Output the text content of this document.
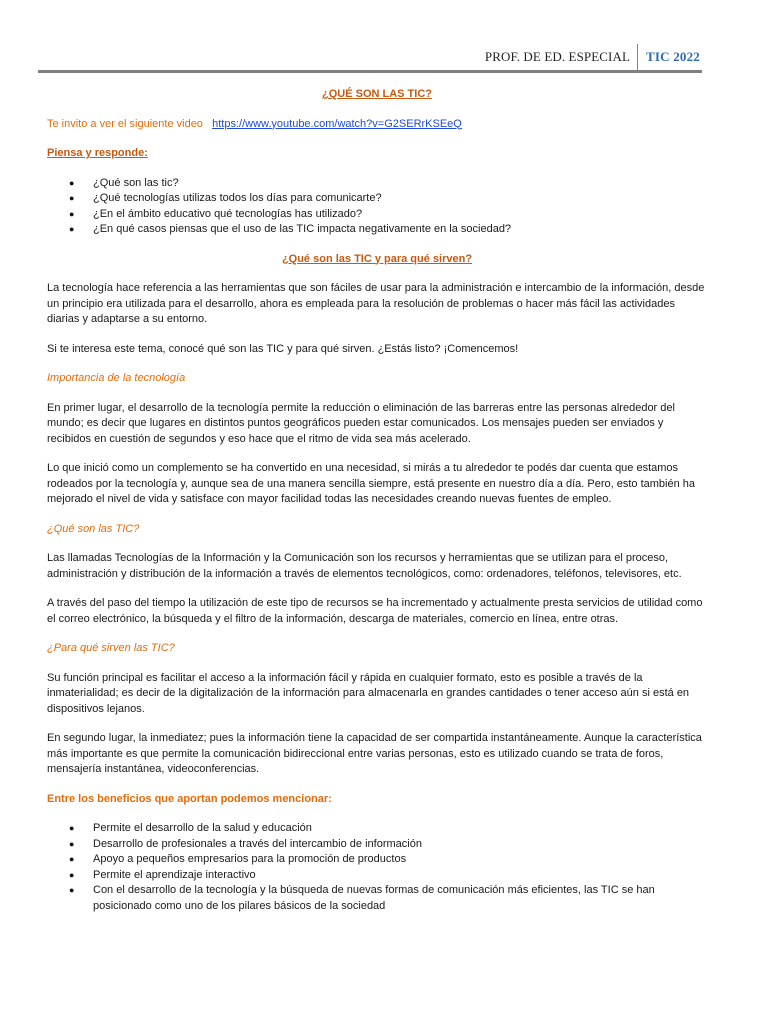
PROF. DE ED. ESPECIAL	TIC 2022
¿QUÉ SON LAS TIC?

Te invito a ver el siguiente video https://www.youtube.com/watch?v=G2SERrKSEeQ

Piensa y responde:

● ¿Qué son las tic?
● ¿Qué tecnologías utilizas todos los días para comunicarte?
● ¿En el ámbito educativo qué tecnologías has utilizado?
● ¿En qué casos piensas que el uso de las TIC impacta negativamente en la sociedad?
¿Qué son las TIC y para qué sirven?

La tecnología hace referencia a las herramientas que son fáciles de usar para la administración e intercambio de la información, desde un principio era utilizada para el desarrollo, ahora es empleada para la resolución de problemas o hacer más fácil las actividades diarias y adaptarse a su entorno.

Si te interesa este tema, conocé qué son las TIC y para qué sirven. ¿Estás listo? ¡Comencemos!

Importancia de la tecnología

En primer lugar, el desarrollo de la tecnología permite la reducción o eliminación de las barreras entre las personas alrededor del mundo; es decir que lugares en distintos puntos geográficos pueden estar comunicados. Los mensajes pueden ser enviados y recibidos en cuestión de segundos y eso hace que el ritmo de vida sea más acelerado.

Lo que inició como un complemento se ha convertido en una necesidad, si mirás a tu alrededor te podés dar cuenta que estamos rodeados por la tecnología y, aunque sea de una manera sencilla siempre, está presente en nuestro día a día. Pero, esto también ha mejorado el nivel de vida y satisface con mayor facilidad todas las necesidades creando nuevas fuentes de empleo.

¿Qué son las TIC?

Las llamadas Tecnologías de la Información y la Comunicación son los recursos y herramientas que se utilizan para el proceso, administración y distribución de la información a través de elementos tecnológicos, como: ordenadores, teléfonos, televisores, etc.

A través del paso del tiempo la utilización de este tipo de recursos se ha incrementado y actualmente presta servicios de utilidad como el correo electrónico, la búsqueda y el filtro de la información, descarga de materiales, comercio en línea, entre otras.

¿Para qué sirven las TIC?

Su función principal es facilitar el acceso a la información fácil y rápida en cualquier formato, esto es posible a través de la inmaterialidad; es decir de la digitalización de la información para almacenarla en grandes cantidades o tener acceso aún si está en dispositivos lejanos.

En segundo lugar, la inmediatez; pues la información tiene la capacidad de ser compartida instantáneamente. Aunque la característica más importante es que permite la comunicación bidireccional entre varias personas, esto es utilizado cuando se trata de foros, mensajería instantánea, videoconferencias.

Entre los beneficios que aportan podemos mencionar:

● Permite el desarrollo de la salud y educación
● Desarrollo de profesionales a través del intercambio de información
● Apoyo a pequeños empresarios para la promoción de productos
● Permite el aprendizaje interactivo
● Con el desarrollo de la tecnología y la búsqueda de nuevas formas de comunicación más eficientes, las TIC se han posicionado como uno de los pilares básicos de la sociedad
